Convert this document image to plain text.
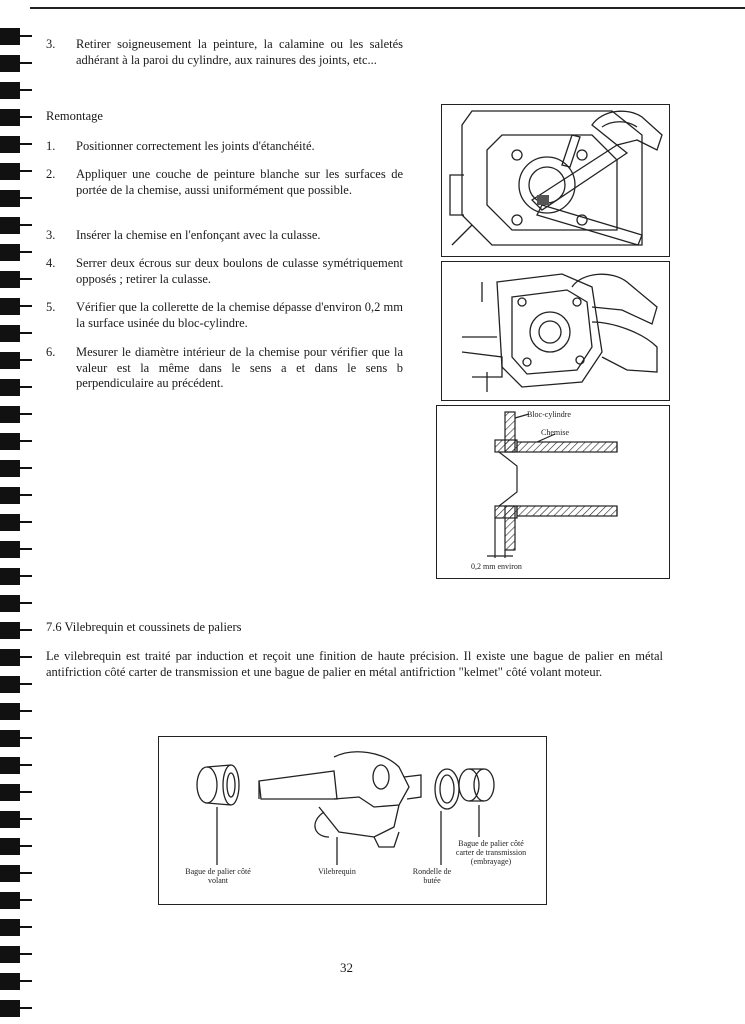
3. Retirer soigneusement la peinture, la calamine ou les saletés adhérant à la paroi du cylindre, aux rainures des joints, etc...
Remontage
1. Positionner correctement les joints d'étanchéité.
2. Appliquer une couche de peinture blanche sur les surfaces de portée de la chemise, aussi uniformément que possible.
3. Insérer la chemise en l'enfonçant avec la culasse.
4. Serrer deux écrous sur deux boulons de culasse symétriquement opposés ; retirer la culasse.
5. Vérifier que la collerette de la chemise dépasse d'environ 0,2 mm la surface usinée du bloc-cylindre.
6. Mesurer le diamètre intérieur de la chemise pour vérifier que la valeur est la même dans le sens a et dans le sens b perpendiculaire au précédent.
Bloc-cylindre
Chemise
0,2 mm environ
7.6 Vilebrequin et coussinets de paliers
Le vilebrequin est traité par induction et reçoit une finition de haute précision. Il existe une bague de palier en métal antifriction côté carter de transmission et une bague de palier en métal antifriction "kelmet" côté volant moteur.
Bague de palier côté volant
Vilebrequin	Rondelle de butée
Bague de palier côté carter de transmission (embrayage)
32
